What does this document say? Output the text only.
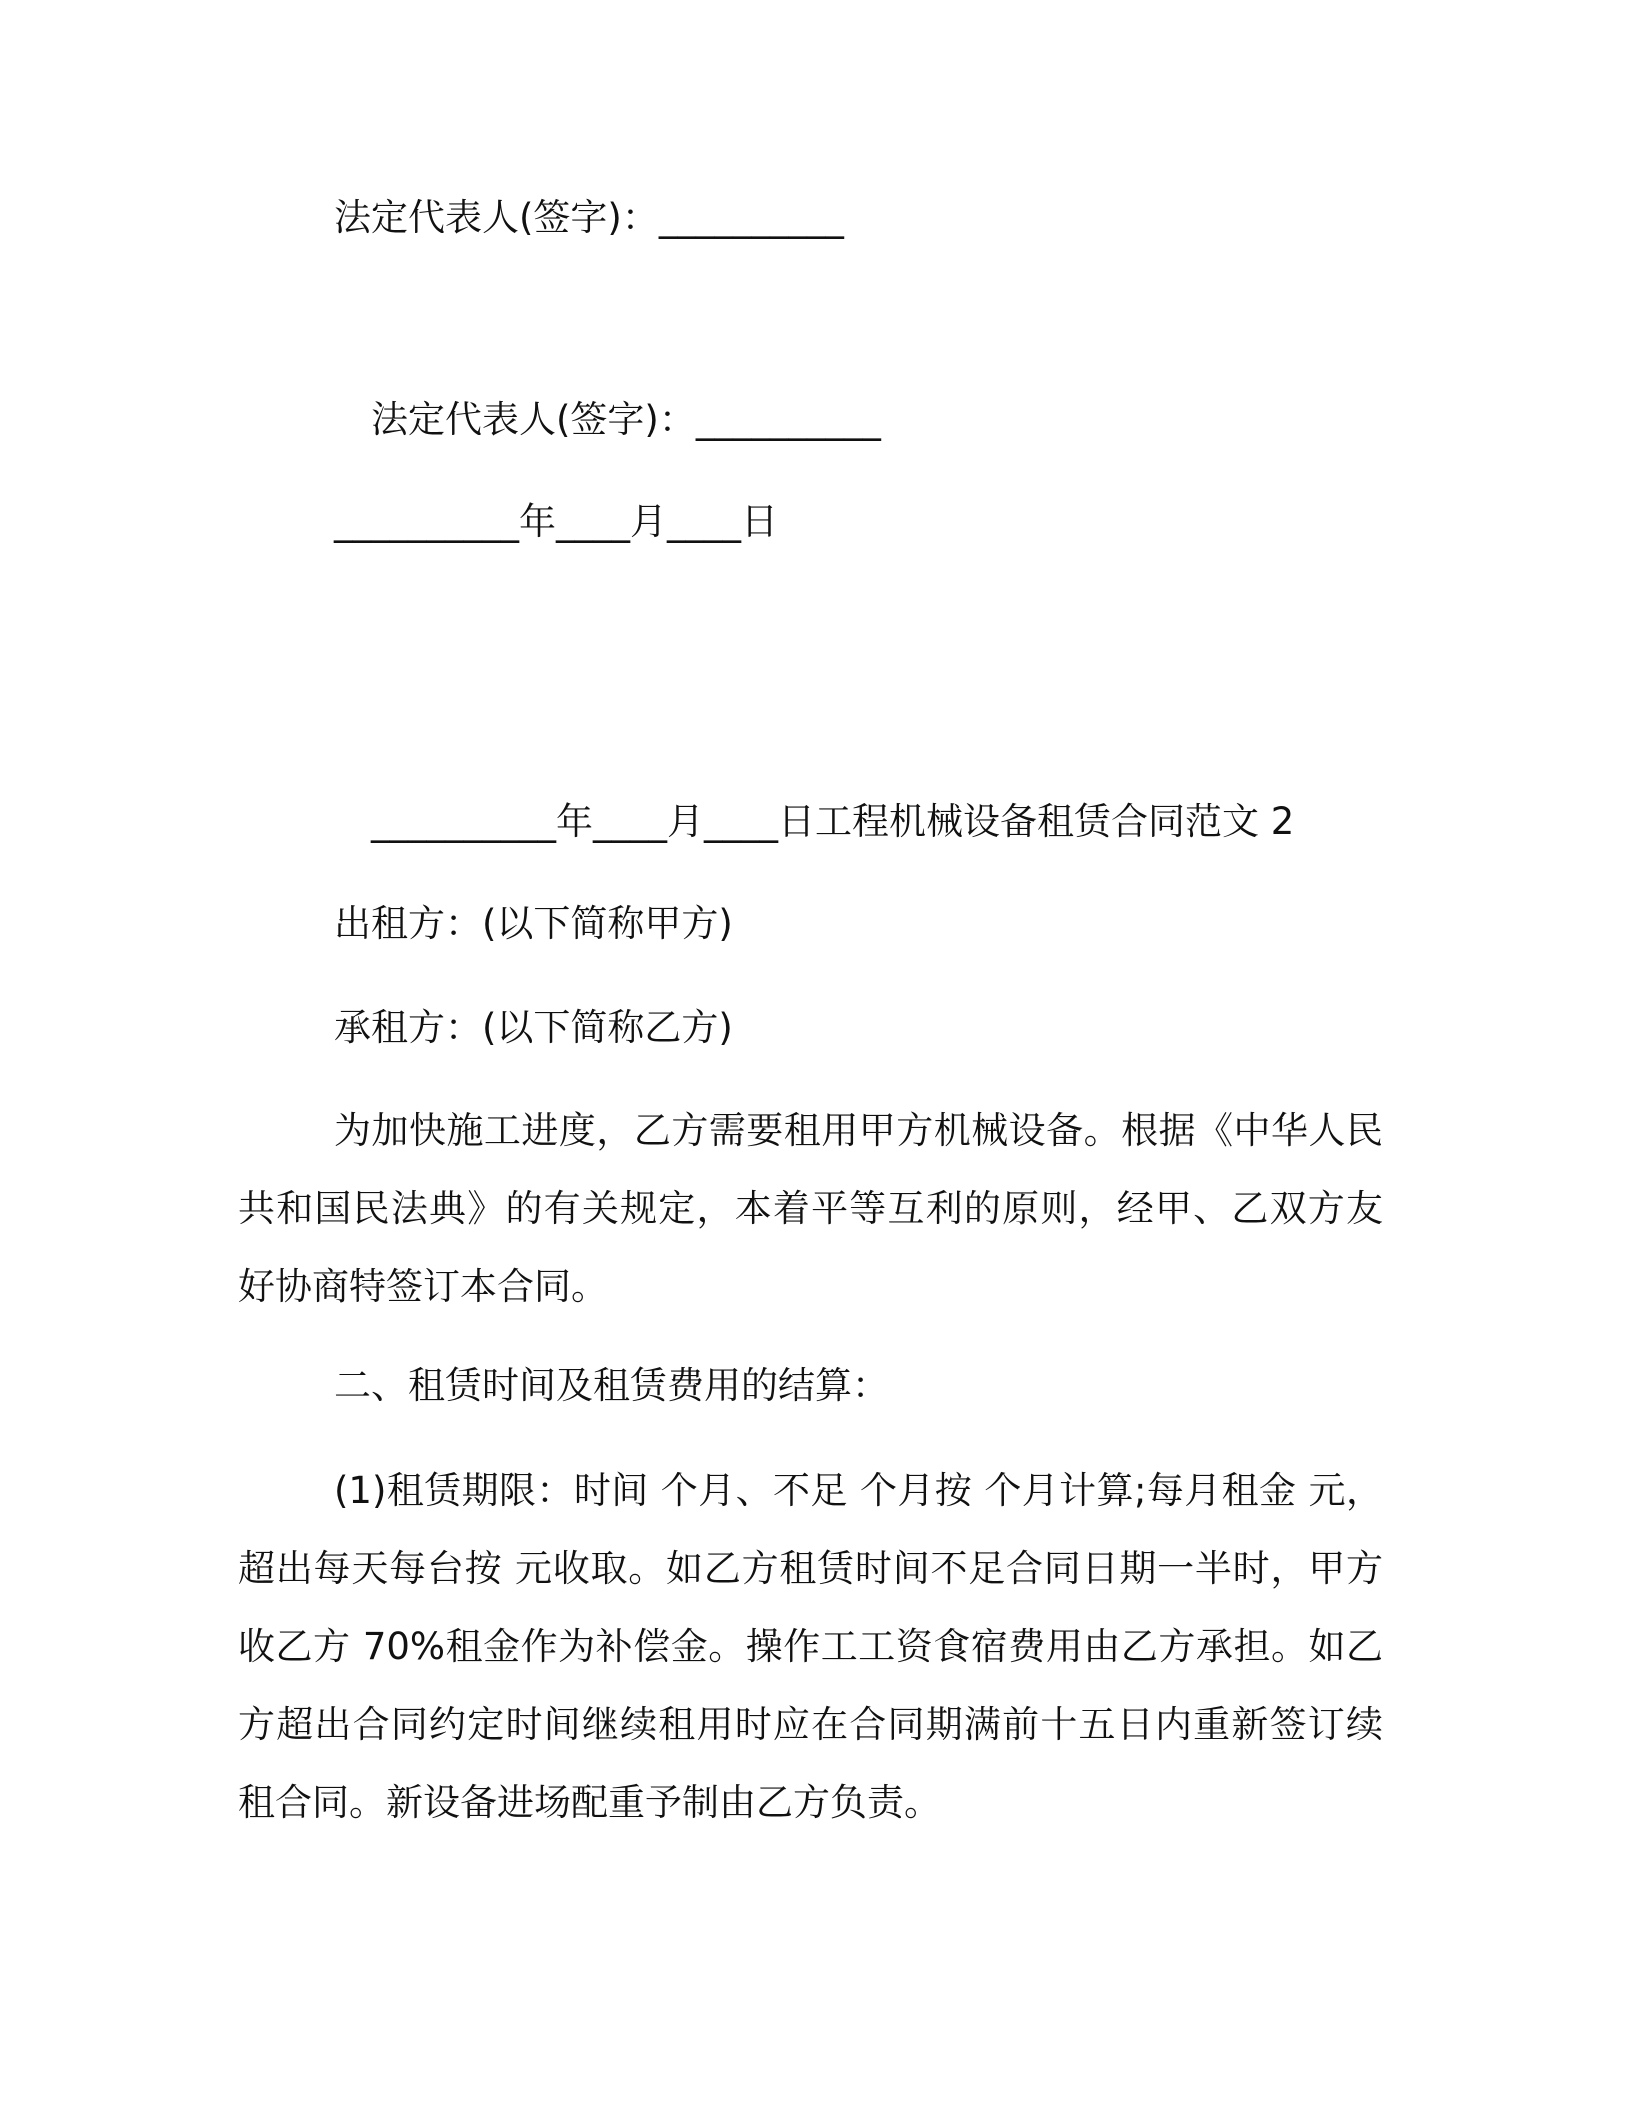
法定代表人(签字)：__________

法定代表人(签字)：__________

__________年____月____日

__________年____月____日工程机械设备租赁合同范文 2

出租方：(以下简称甲方)

承租方：(以下简称乙方)

为加快施工进度，乙方需要租用甲方机械设备。根据《中华人民共和国民法典》的有关规定，本着平等互利的原则，经甲、乙双方友好协商特签订本合同。

二、租赁时间及租赁费用的结算：

(1)租赁期限：时间 个月、不足 个月按 个月计算;每月租金 元，超出每天每台按 元收取。如乙方租赁时间不足合同日期一半时，甲方收乙方 70%租金作为补偿金。操作工工资食宿费用由乙方承担。如乙方超出合同约定时间继续租用时应在合同期满前十五日内重新签订续租合同。新设备进场配重予制由乙方负责。
